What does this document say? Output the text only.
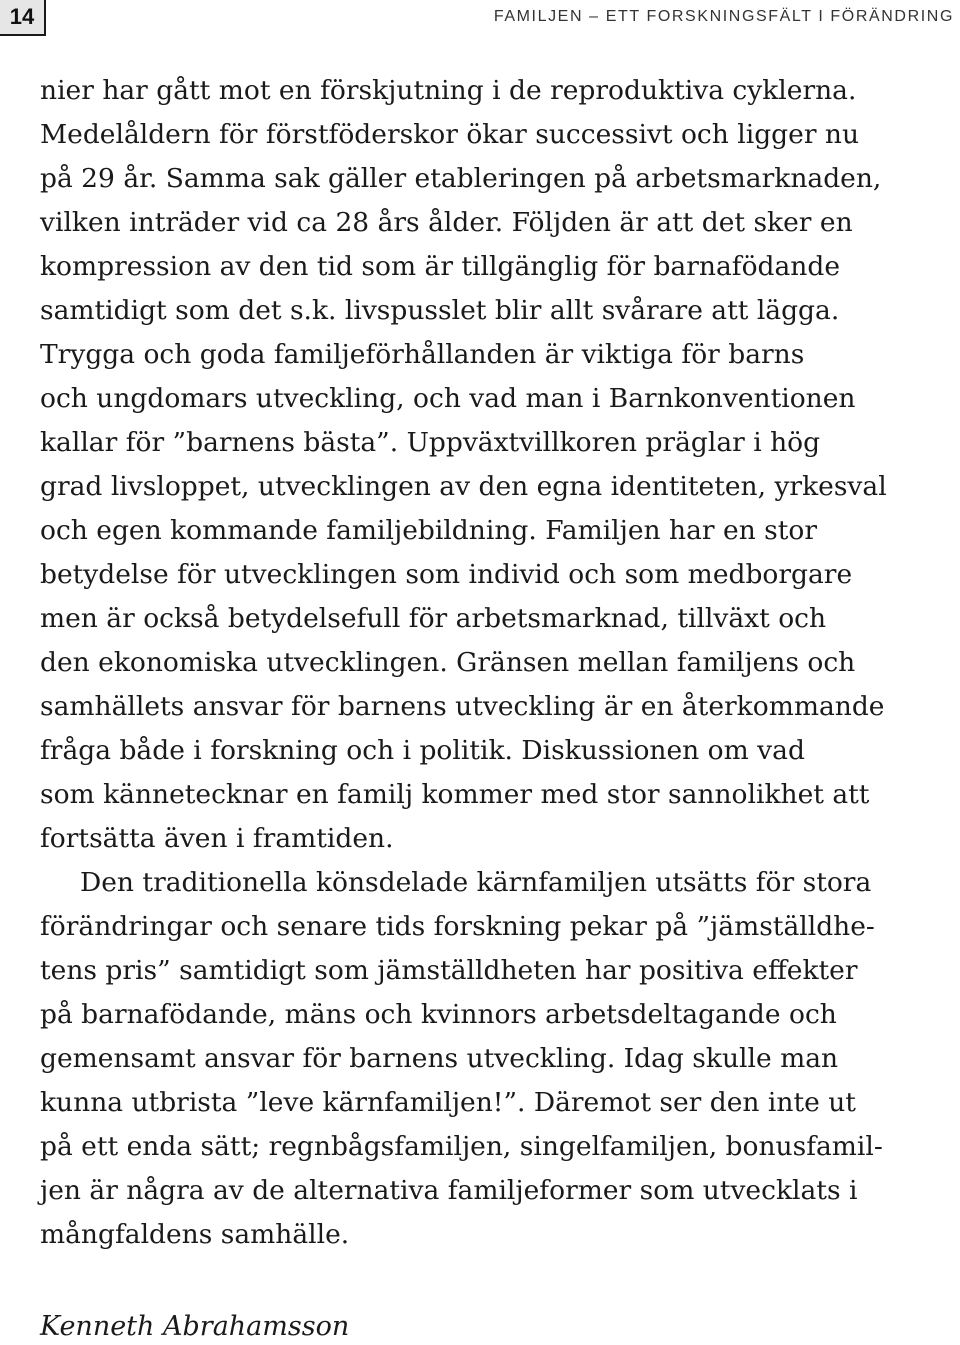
14	FAMILJEN – ETT FORSKNINGSFÄLT I FÖRÄNDRING

nier har gått mot en förskjutning i de reproduktiva cyklerna.
Medelåldern för förstföderskor ökar successivt och ligger nu
på 29 år. Samma sak gäller etableringen på arbetsmarknaden,
vilken inträder vid ca 28 års ålder. Följden är att det sker en
kompression av den tid som är tillgänglig för barnafödande
samtidigt som det s.k. livspusslet blir allt svårare att lägga.
Trygga och goda familjeförhållanden är viktiga för barns
och ungdomars utveckling, och vad man i Barnkonventionen
kallar för ”barnens bästa”. Uppväxtvillkoren präglar i hög
grad livsloppet, utvecklingen av den egna identiteten, yrkesval
och egen kommande familjebildning. Familjen har en stor
betydelse för utvecklingen som individ och som medborgare
men är också betydelsefull för arbetsmarknad, tillväxt och
den ekonomiska utvecklingen. Gränsen mellan familjens och
samhällets ansvar för barnens utveckling är en återkommande
fråga både i forskning och i politik. Diskussionen om vad
som kännetecknar en familj kommer med stor sannolikhet att
fortsätta även i framtiden.

Den traditionella könsdelade kärnfamiljen utsätts för stora
förändringar och senare tids forskning pekar på ”jämställdhe-
tens pris” samtidigt som jämställdheten har positiva effekter
på barnafödande, mäns och kvinnors arbetsdeltagande och
gemensamt ansvar för barnens utveckling. Idag skulle man
kunna utbrista ”leve kärnfamiljen!”. Däremot ser den inte ut
på ett enda sätt; regnbågsfamiljen, singelfamiljen, bonusfamil-
jen är några av de alternativa familjeformer som utvecklats i
mångfaldens samhälle.

Kenneth Abrahamsson
